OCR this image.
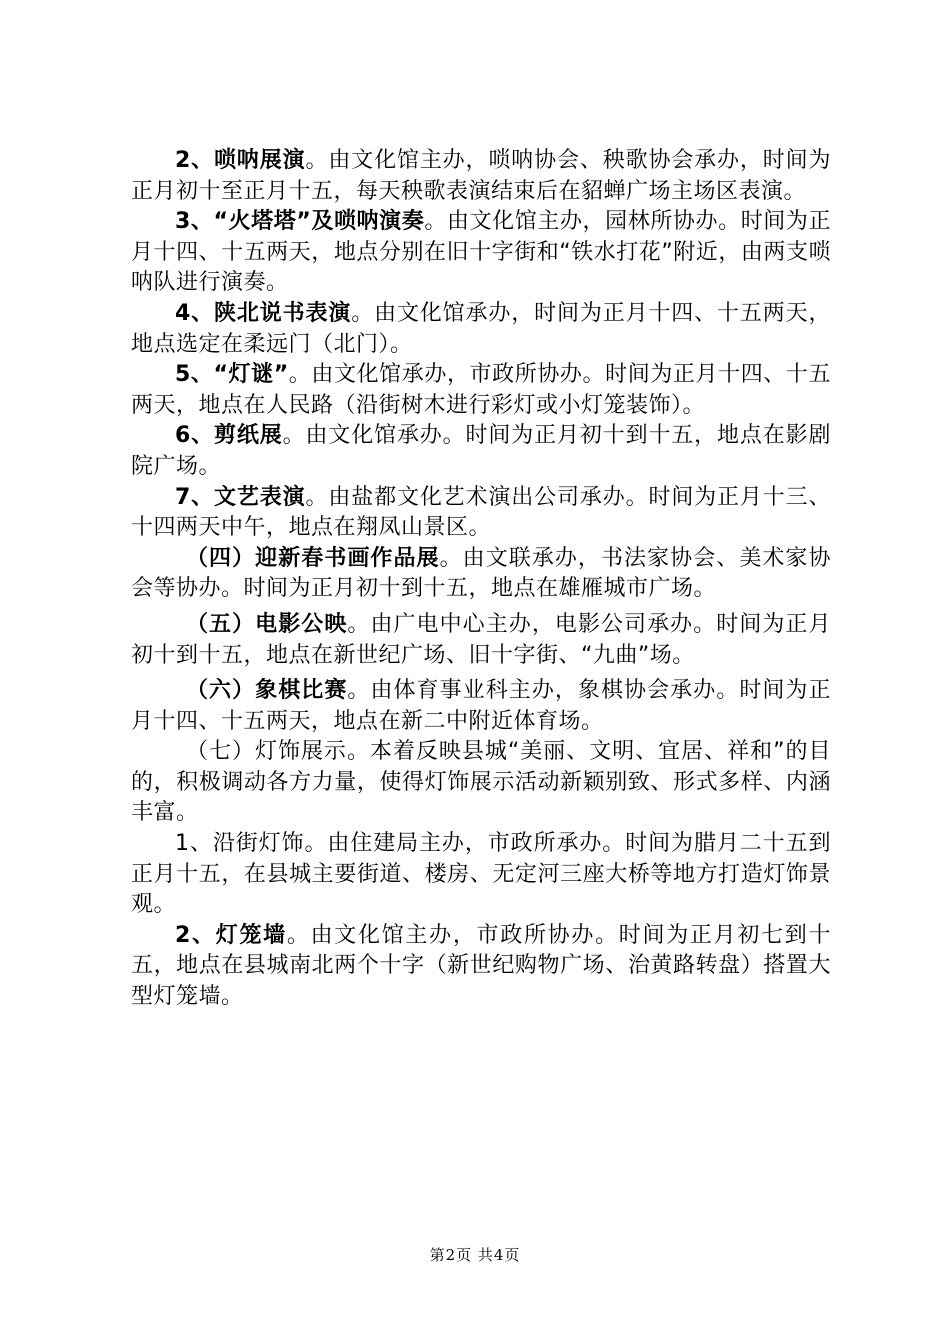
2、唢呐展演。由文化馆主办，唢呐协会、秧歌协会承办，时间为正月初十至正月十五，每天秧歌表演结束后在貂蝉广场主场区表演。

3、“火塔塔”及唢呐演奏。由文化馆主办，园林所协办。时间为正月十四、十五两天，地点分别在旧十字街和“铁水打花”附近，由两支唢呐队进行演奏。

4、陕北说书表演。由文化馆承办，时间为正月十四、十五两天，地点选定在柔远门（北门）。

5、“灯谜”。由文化馆承办，市政所协办。时间为正月十四、十五两天，地点在人民路（沿街树木进行彩灯或小灯笼装饰）。

6、剪纸展。由文化馆承办。时间为正月初十到十五，地点在影剧院广场。

7、文艺表演。由盐都文化艺术演出公司承办。时间为正月十三、十四两天中午，地点在翔凤山景区。

（四）迎新春书画作品展。由文联承办，书法家协会、美术家协会等协办。时间为正月初十到十五，地点在雄雁城市广场。

（五）电影公映。由广电中心主办，电影公司承办。时间为正月初十到十五，地点在新世纪广场、旧十字街、“九曲”场。

（六）象棋比赛。由体育事业科主办，象棋协会承办。时间为正月十四、十五两天，地点在新二中附近体育场。

（七）灯饰展示。本着反映县城“美丽、文明、宜居、祥和”的目的，积极调动各方力量，使得灯饰展示活动新颖别致、形式多样、内涵丰富。

1、沿街灯饰。由住建局主办，市政所承办。时间为腊月二十五到正月十五，在县城主要街道、楼房、无定河三座大桥等地方打造灯饰景观。

2、灯笼墙。由文化馆主办，市政所协办。时间为正月初七到十五，地点在县城南北两个十字（新世纪购物广场、治黄路转盘）搭置大型灯笼墙。

第2页 共4页
